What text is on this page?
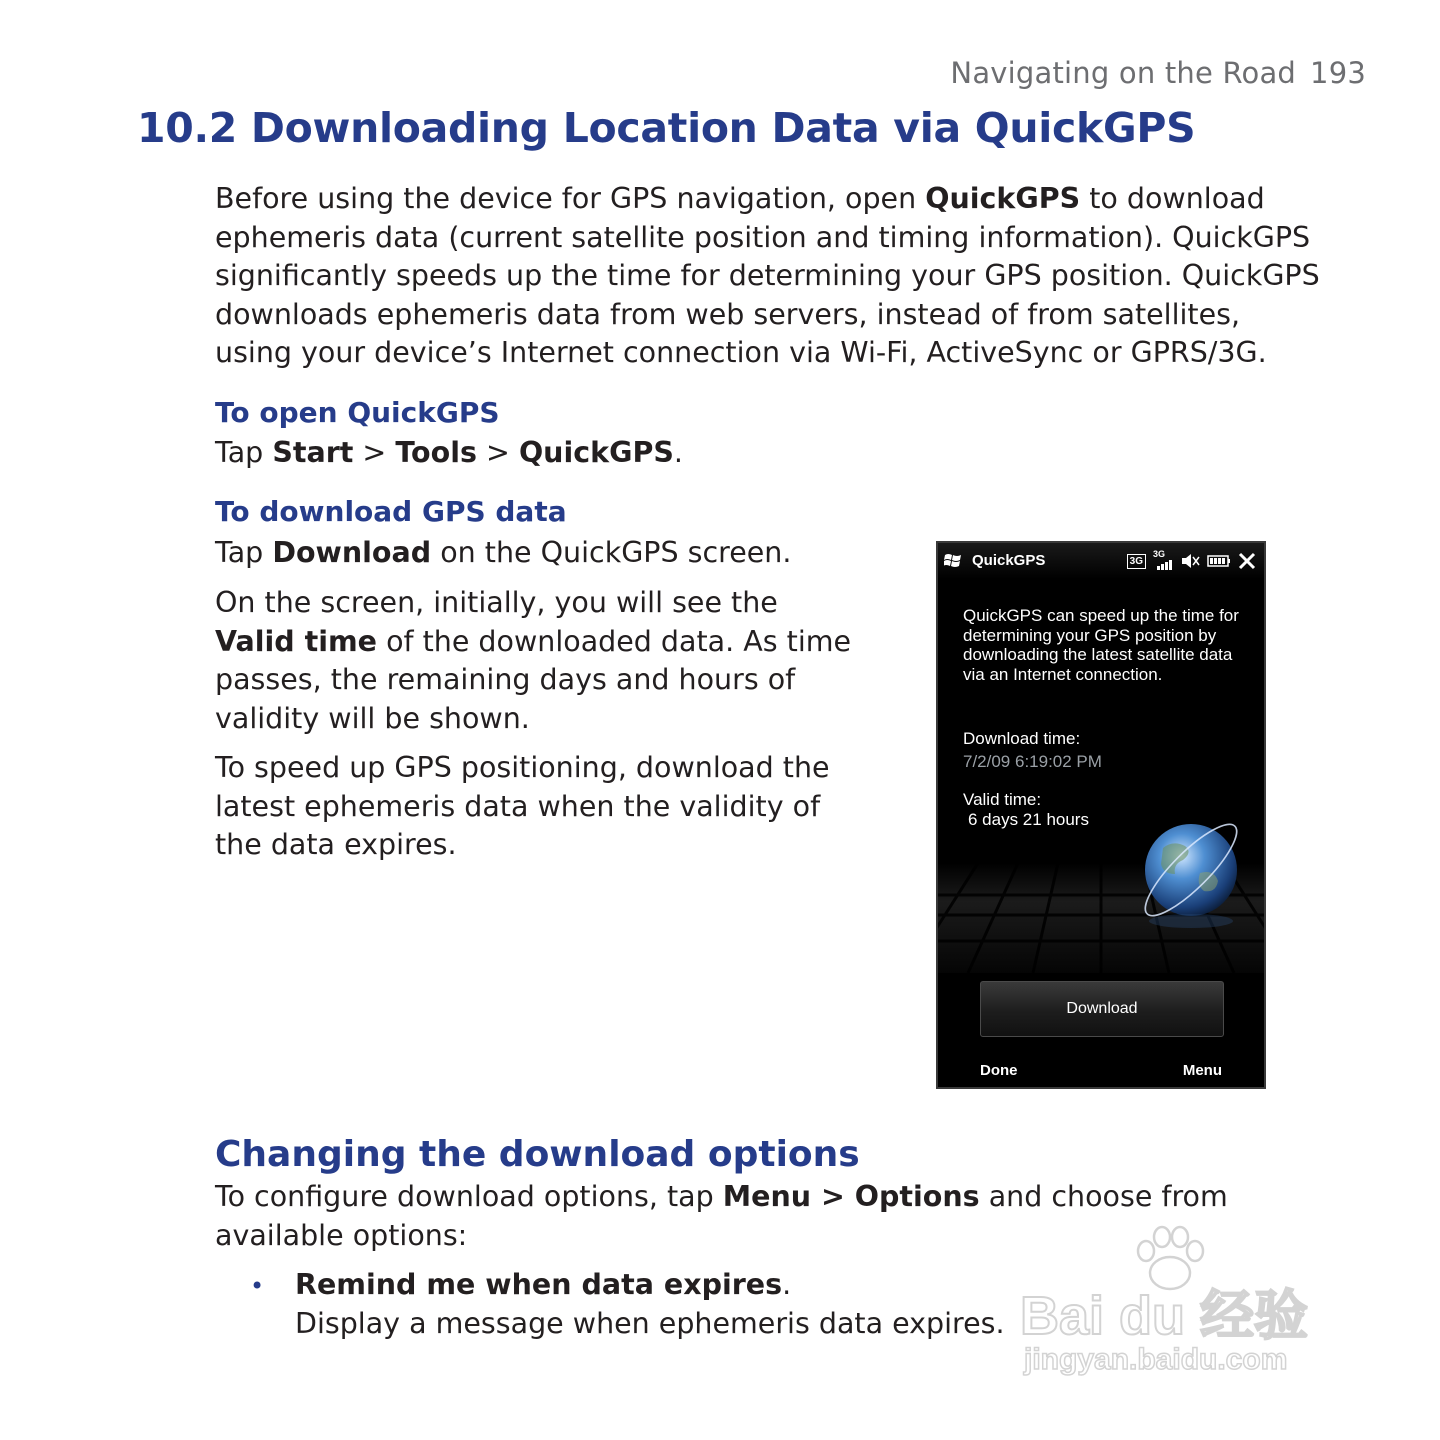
Navigating on the Road 193
10.2 Downloading Location Data via QuickGPS

Before using the device for GPS navigation, open QuickGPS to download ephemeris data (current satellite position and timing information). QuickGPS significantly speeds up the time for determining your GPS position. QuickGPS downloads ephemeris data from web servers, instead of from satellites, using your device’s Internet connection via Wi-Fi, ActiveSync or GPRS/3G.

To open QuickGPS

Tap Start > Tools > QuickGPS.

To download GPS data

Tap Download on the QuickGPS screen.

On the screen, initially, you will see the Valid time of the downloaded data. As time passes, the remaining days and hours of validity will be shown.

To speed up GPS positioning, download the latest ephemeris data when the validity of the data expires.

QuickGPS	3G
3G
QuickGPS can speed up the time for determining your GPS position by downloading the latest satellite data via an Internet connection.
Download time:
7/2/09 6:19:02 PM
Valid time:
6 days 21 hours
Download
Done	Menu
Changing the download options

To configure download options, tap Menu > Options and choose from available options:

• Remind me when data expires.
Display a message when ephemeris data expires. Bai du 经验
jingyan.baidu.com
